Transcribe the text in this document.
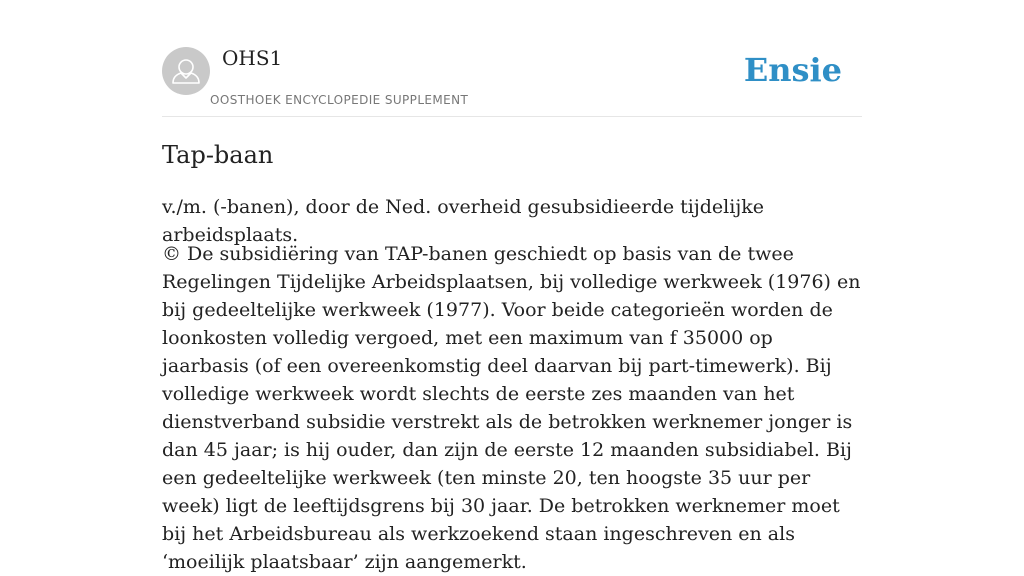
OHS1
OOSTHOEK ENCYCLOPEDIE SUPPLEMENT
Ensie
Tap-baan

v./m. (-banen), door de Ned. overheid gesubsidieerde tijdelijke arbeidsplaats.

© De subsidiëring van TAP-banen geschiedt op basis van de twee Regelingen Tijdelijke Arbeidsplaatsen, bij volledige werkweek (1976) en bij gedeeltelijke werkweek (1977). Voor beide categorieën worden de loonkosten volledig vergoed, met een maximum van f 35000 op jaarbasis (of een overeenkomstig deel daarvan bij part-timewerk). Bij volledige werkweek wordt slechts de eerste zes maanden van het dienstverband subsidie verstrekt als de betrokken werknemer jonger is dan 45 jaar; is hij ouder, dan zijn de eerste 12 maanden subsidiabel. Bij een gedeeltelijke werkweek (ten minste 20, ten hoogste 35 uur per week) ligt de leeftijdsgrens bij 30 jaar. De betrokken werknemer moet bij het Arbeidsbureau als werkzoekend staan ingeschreven en als ‘moeilijk plaatsbaar’ zijn aangemerkt.
